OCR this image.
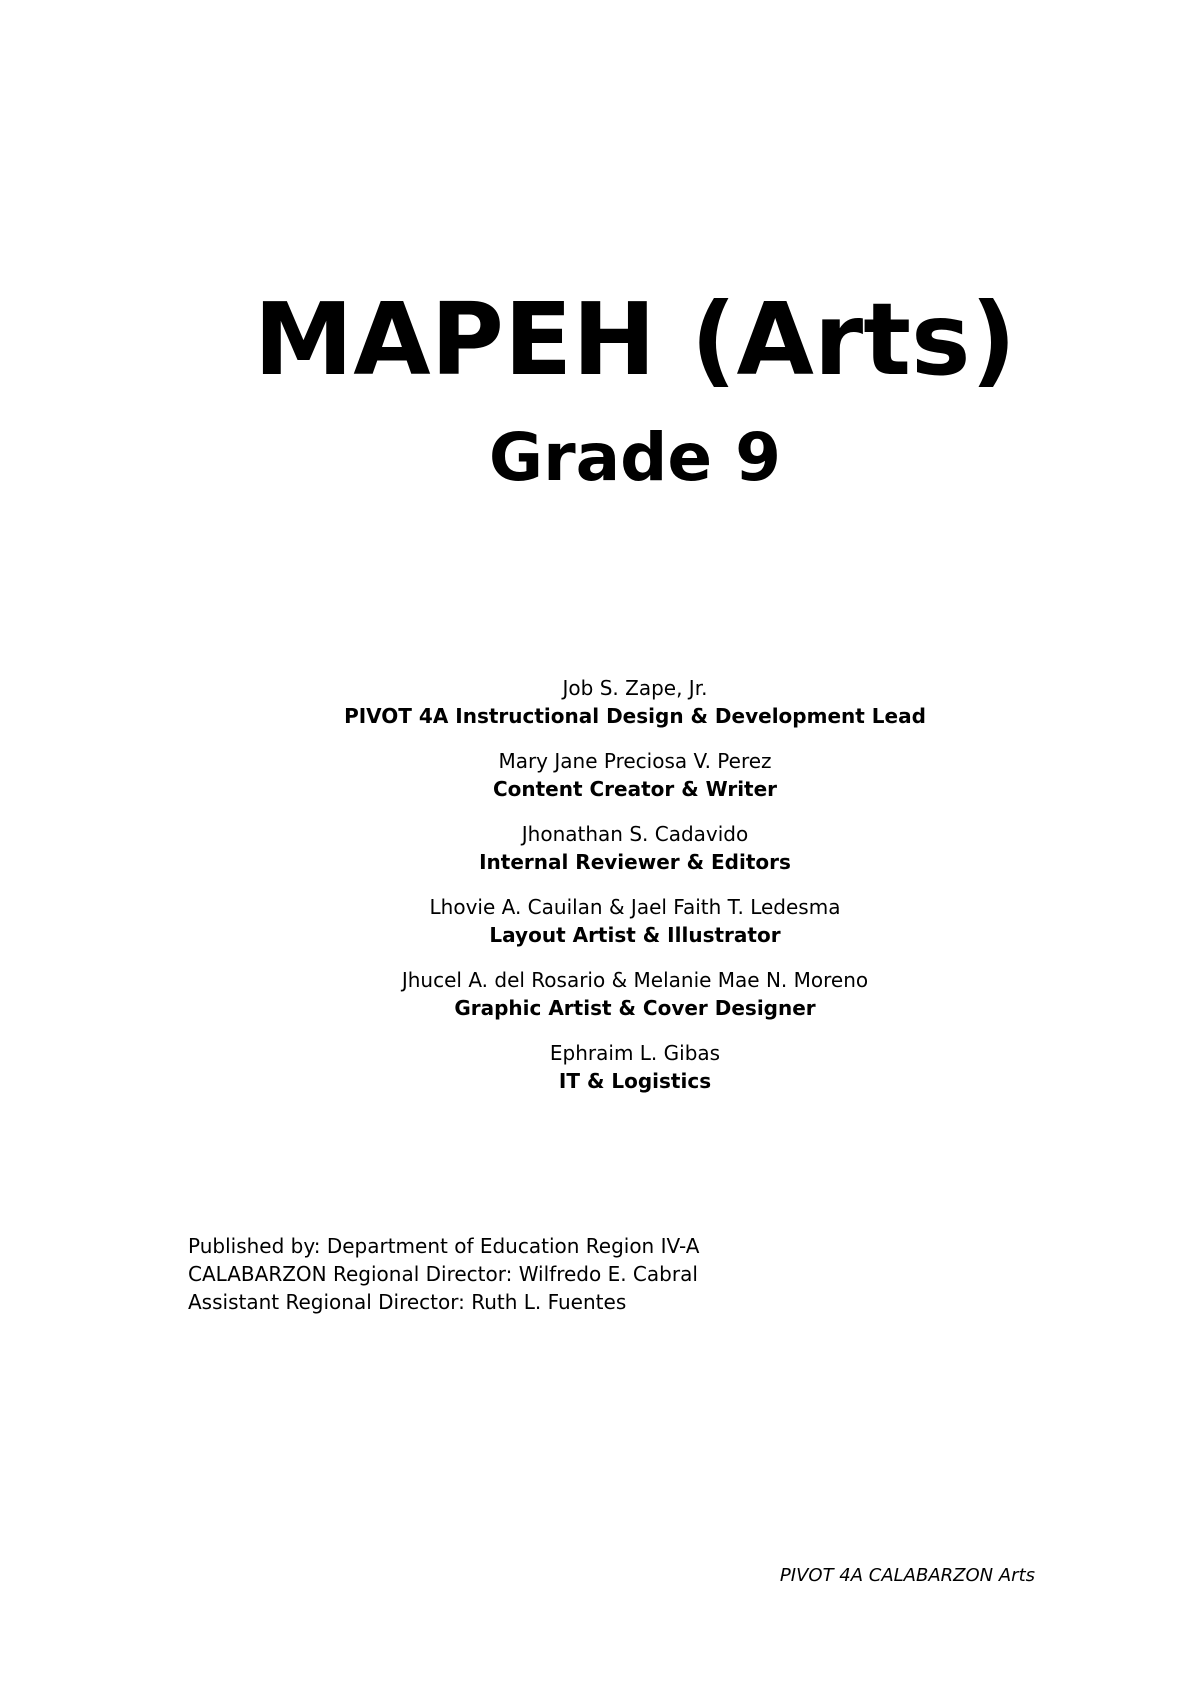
MAPEH (Arts)
Grade 9
Job S. Zape, Jr.
PIVOT 4A Instructional Design & Development Lead
Mary Jane Preciosa V. Perez
Content Creator & Writer
Jhonathan S. Cadavido
Internal Reviewer & Editors
Lhovie A. Cauilan & Jael Faith T. Ledesma
Layout Artist & Illustrator
Jhucel A. del Rosario & Melanie Mae N. Moreno
Graphic Artist & Cover Designer
Ephraim L. Gibas
IT & Logistics
Published by: Department of Education Region IV-A
CALABARZON Regional Director: Wilfredo E. Cabral
Assistant Regional Director: Ruth L. Fuentes
PIVOT 4A CALABARZON Arts
